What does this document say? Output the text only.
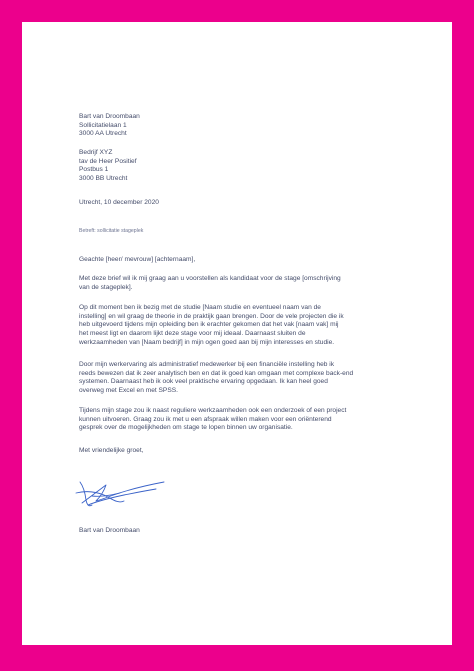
Bart van Droombaan
Sollicitatielaan 1
3000 AA Utrecht
Bedrijf XYZ
tav de Heer Positief
Postbus 1
3000 BB Utrecht
Utrecht, 10 december 2020
Betreft: sollicitatie stageplek
Geachte [heer/ mevrouw] [achternaam],
Met deze brief wil ik mij graag aan u voorstellen als kandidaat voor de stage [omschrijving
van de stageplek].
Op dit moment ben ik bezig met de studie [Naam studie en eventueel naam van de
instelling] en wil graag de theorie in de praktijk gaan brengen. Door de vele projecten die ik
heb uitgevoerd tijdens mijn opleiding ben ik erachter gekomen dat het vak [naam vak] mij
het meest ligt en daarom lijkt deze stage voor mij ideaal. Daarnaast sluiten de
werkzaamheden van [Naam bedrijf] in mijn ogen goed aan bij mijn interesses en studie.
Door mijn werkervaring als administratief medewerker bij een financiële instelling heb ik
reeds bewezen dat ik zeer analytisch ben en dat ik goed kan omgaan met complexe back-end
systemen. Daarnaast heb ik ook veel praktische ervaring opgedaan. Ik kan heel goed
overweg met Excel en met SPSS.
Tijdens mijn stage zou ik naast reguliere werkzaamheden ook een onderzoek of een project
kunnen uitvoeren. Graag zou ik met u een afspraak willen maken voor een oriënterend
gesprek over de mogelijkheden om stage te lopen binnen uw organisatie.
Met vriendelijke groet,
Bart van Droombaan
